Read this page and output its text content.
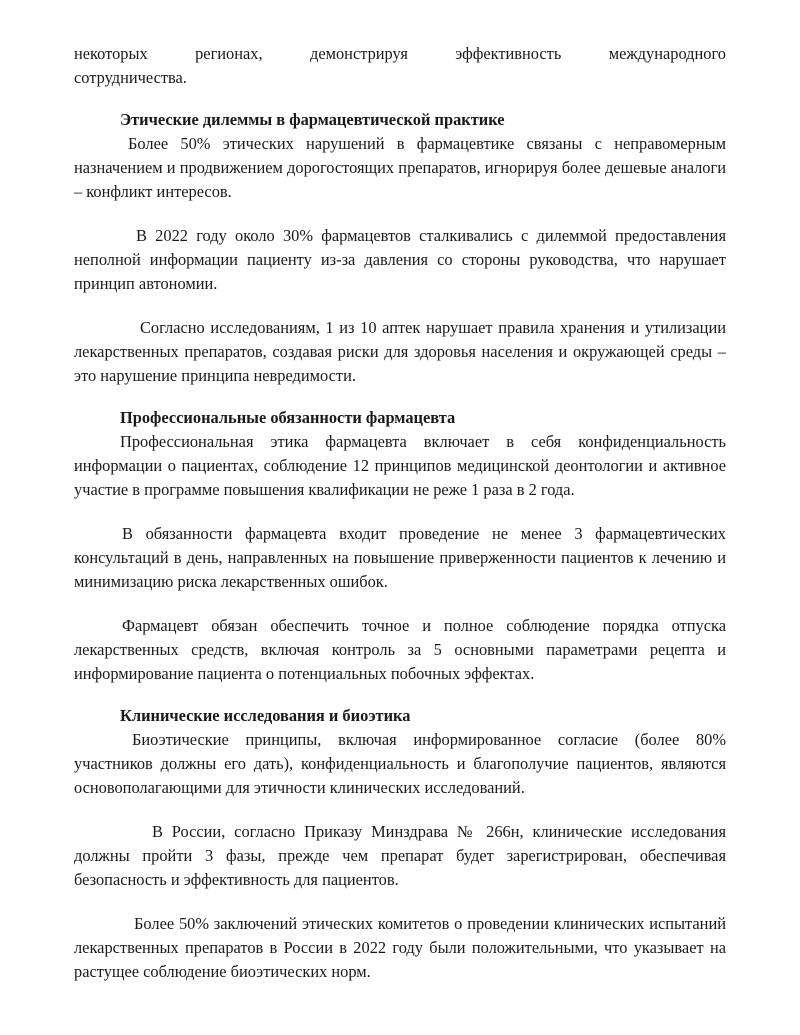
некоторых регионах, демонстрируя эффективность международного

сотрудничества.

Этические дилеммы в фармацевтической практике

Более 50% этических нарушений в фармацевтике связаны с неправомерным назначением и продвижением дорогостоящих препаратов, игнорируя более дешевые аналоги – конфликт интересов.

В 2022 году около 30% фармацевтов сталкивались с дилеммой предоставления неполной информации пациенту из-за давления со стороны руководства, что нарушает принцип автономии.

Согласно исследованиям, 1 из 10 аптек нарушает правила хранения и утилизации лекарственных препаратов, создавая риски для здоровья населения и окружающей среды – это нарушение принципа невредимости.

Профессиональные обязанности фармацевта

Профессиональная этика фармацевта включает в себя конфиденциальность информации о пациентах, соблюдение 12 принципов медицинской деонтологии и активное участие в программе повышения квалификации не реже 1 раза в 2 года.

В обязанности фармацевта входит проведение не менее 3 фармацевтических консультаций в день, направленных на повышение приверженности пациентов к лечению и минимизацию риска лекарственных ошибок.

Фармацевт обязан обеспечить точное и полное соблюдение порядка отпуска лекарственных средств, включая контроль за 5 основными параметрами рецепта и информирование пациента о потенциальных побочных эффектах.

Клинические исследования и биоэтика

Биоэтические принципы, включая информированное согласие (более 80% участников должны его дать), конфиденциальность и благополучие пациентов, являются основополагающими для этичности клинических исследований.

В России, согласно Приказу Минздрава № 266н, клинические исследования должны пройти 3 фазы, прежде чем препарат будет зарегистрирован, обеспечивая безопасность и эффективность для пациентов.

Более 50% заключений этических комитетов о проведении клинических испытаний лекарственных препаратов в России в 2022 году были положительными, что указывает на растущее соблюдение биоэтических норм.
